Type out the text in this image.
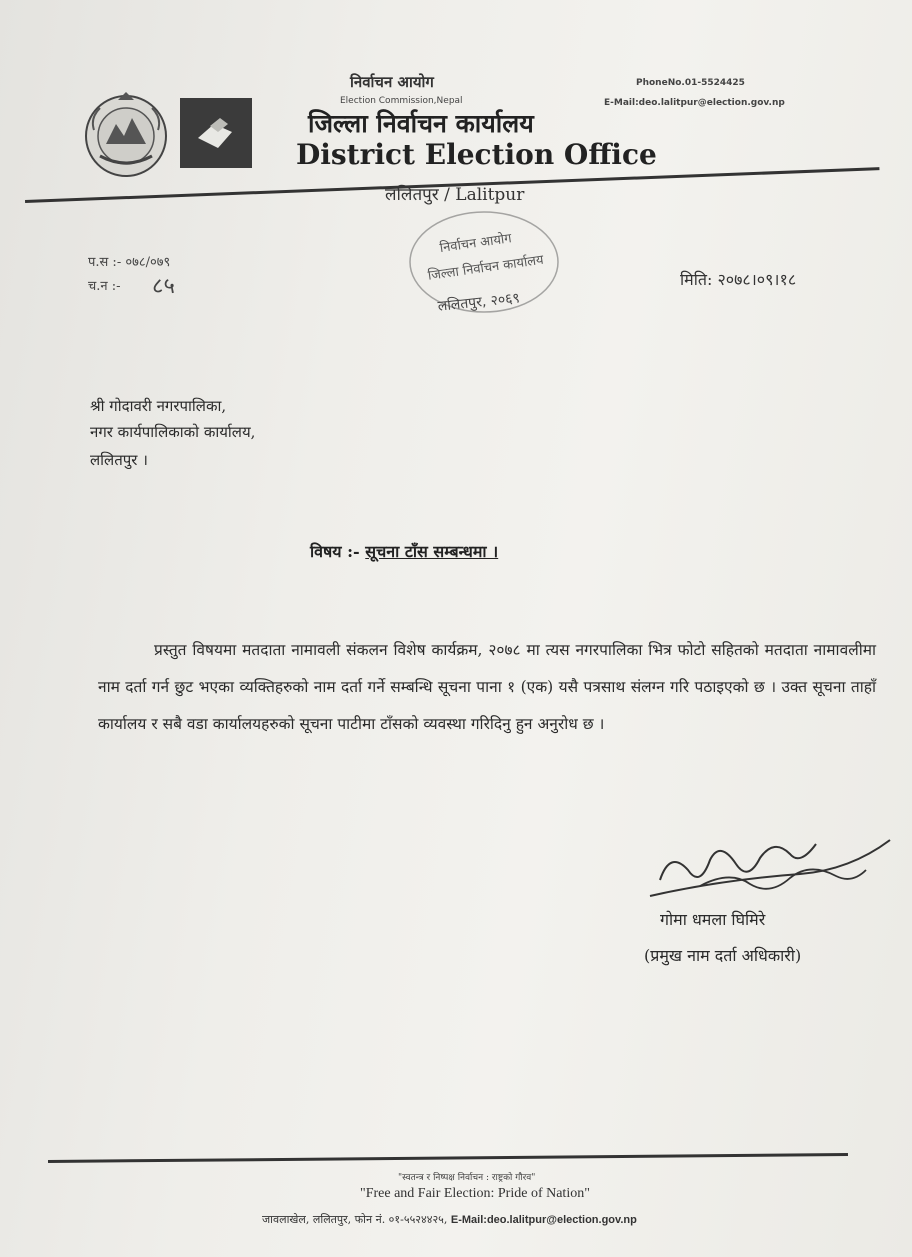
निर्वाचन आयोग
Election Commission,Nepal
जिल्ला निर्वाचन कार्यालय
District Election Office
ललितपुर / Lalitpur
PhoneNo.01-5524425
E-Mail:deo.lalitpur@election.gov.np
प.स :- ०७८/०७९
च.न :- ८५	मिति: २०७८।०९।१८
निर्वाचन आयोग
जिल्ला निर्वाचन कार्यालय
ललितपुर, २०६९
श्री गोदावरी नगरपालिका,
नगर कार्यपालिकाको कार्यालय,
ललितपुर ।
विषय :- सूचना टाँस सम्बन्धमा ।
प्रस्तुत विषयमा मतदाता नामावली संकलन विशेष कार्यक्रम, २०७८ मा त्यस नगरपालिका भित्र फोटो सहितको मतदाता नामावलीमा नाम दर्ता गर्न छुट भएका व्यक्तिहरुको नाम दर्ता गर्ने सम्बन्धि सूचना पाना १ (एक) यसै पत्रसाथ संलग्न गरि पठाइएको छ । उक्त सूचना ताहाँ कार्यालय र सबै वडा कार्यालयहरुको सूचना पाटीमा टाँसको व्यवस्था गरिदिनु हुन अनुरोध छ ।
गोमा धमला घिमिरे
(प्रमुख नाम दर्ता अधिकारी)
"स्वतन्त्र र निष्पक्ष निर्वाचन : राष्ट्रको गौरव"
"Free and Fair Election: Pride of Nation"
जावलाखेल, ललितपुर, फोन नं. ०१-५५२४४२५, E-Mail:deo.lalitpur@election.gov.np
